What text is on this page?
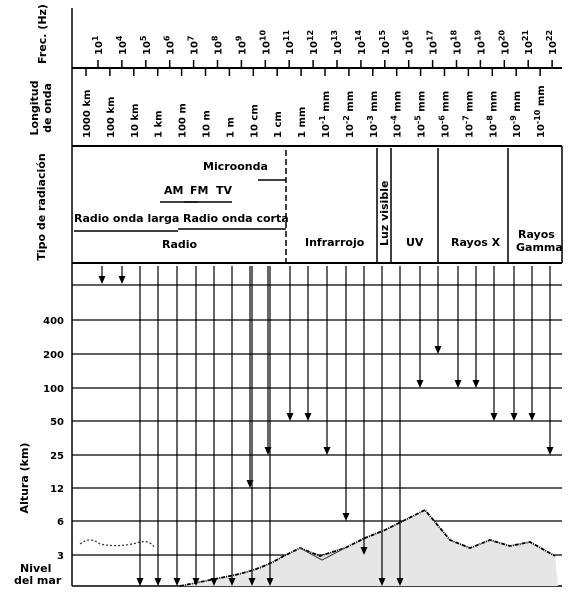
Frec. (Hz)
Longitud de onda
Tipo de radiación
Altura (km)
$10^1$
$10^4$
$10^5$
$10^6$
$10^7$
$10^8$
$10^9$
$10^{10}$
$10^{11}$
$10^{12}$
$10^{13}$
$10^{14}$
$10^{15}$
$10^{16}$
$10^{17}$
$10^{18}$
$10^{19}$
$10^{20}$
$10^{21}$
$10^{22}$
1000 km 100 km 10 km 1 km 100 m 10 m 1 m 10 cm 1 cm 1 mm	$10^{-1}$ mm
$10^{-2}$ mm
$10^{-3}$ mm
$10^{-4}$ mm
$10^{-5}$ mm
$10^{-6}$ mm
$10^{-7}$ mm
$10^{-8}$ mm
$10^{-9}$ mm
$10^{-10}$ mm
Microonda
AM FM TV
Radio onda larga Radio onda corta
Radio	Infrarrojo Luz visible UV	Rayos X
Rayos
Gamma
400
200
100
50
25
12
6
3
Nivel
del mar
